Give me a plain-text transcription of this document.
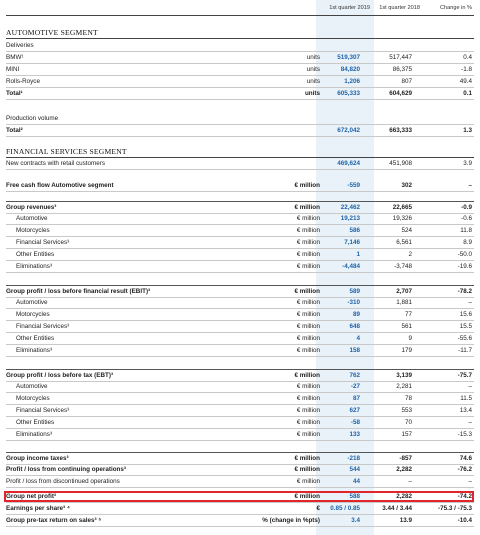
1st quarter 2019	1st quarter 2018	Change in %
AUTOMOTIVE SEGMENT
FINANCIAL SERVICES SEGMENT
Deliveries
BMW¹	units	519,307	517,447	0.4
MINI	units	84,820	86,375	-1.8
Rolls-Royce	units	1,206	807	49.4
Total¹	units	605,333	604,629	0.1
Production volume
Total²	672,042	663,333	1.3
New contracts with retail customers	469,624	451,908	3.9
Free cash flow Automotive segment	€ million	-559	302	–
Group revenues³	€ million	22,462	22,665	-0.9
Automotive	€ million	19,213	19,326	-0.6
Motorcycles	€ million	586	524	11.8
Financial Services³	€ million	7,146	6,561	8.9
Other Entities	€ million	1	2	-50.0
Eliminations³	€ million	-4,484	-3,748	-19.6
Group profit / loss before financial result (EBIT)³	€ million	589	2,707	-78.2
Automotive	€ million	-310	1,881	–
Motorcycles	€ million	89	77	15.6
Financial Services³	€ million	648	561	15.5
Other Entities	€ million	4	9	-55.6
Eliminations³	€ million	158	179	-11.7
Group profit / loss before tax (EBT)³	€ million	762	3,139	-75.7
Automotive	€ million	-27	2,281	–
Motorcycles	€ million	87	78	11.5
Financial Services³	€ million	627	553	13.4
Other Entities	€ million	-58	70	–
Eliminations³	€ million	133	157	-15.3
Group income taxes³	€ million	-218	-857	74.6
Profit / loss from continuing operations³	€ million	544	2,282	-76.2
Profit / loss from discontinued operations	€ million	44	–	–
Group net profit³	€ million	588	2,282	-74.2
Earnings per share³ ⁴	€ 0.85 / 0.85	3.44 / 3.44	-75.3 / -75.3
Group pre-tax return on sales³ ⁵	% (change in %pts)	3.4	13.9	-10.4
